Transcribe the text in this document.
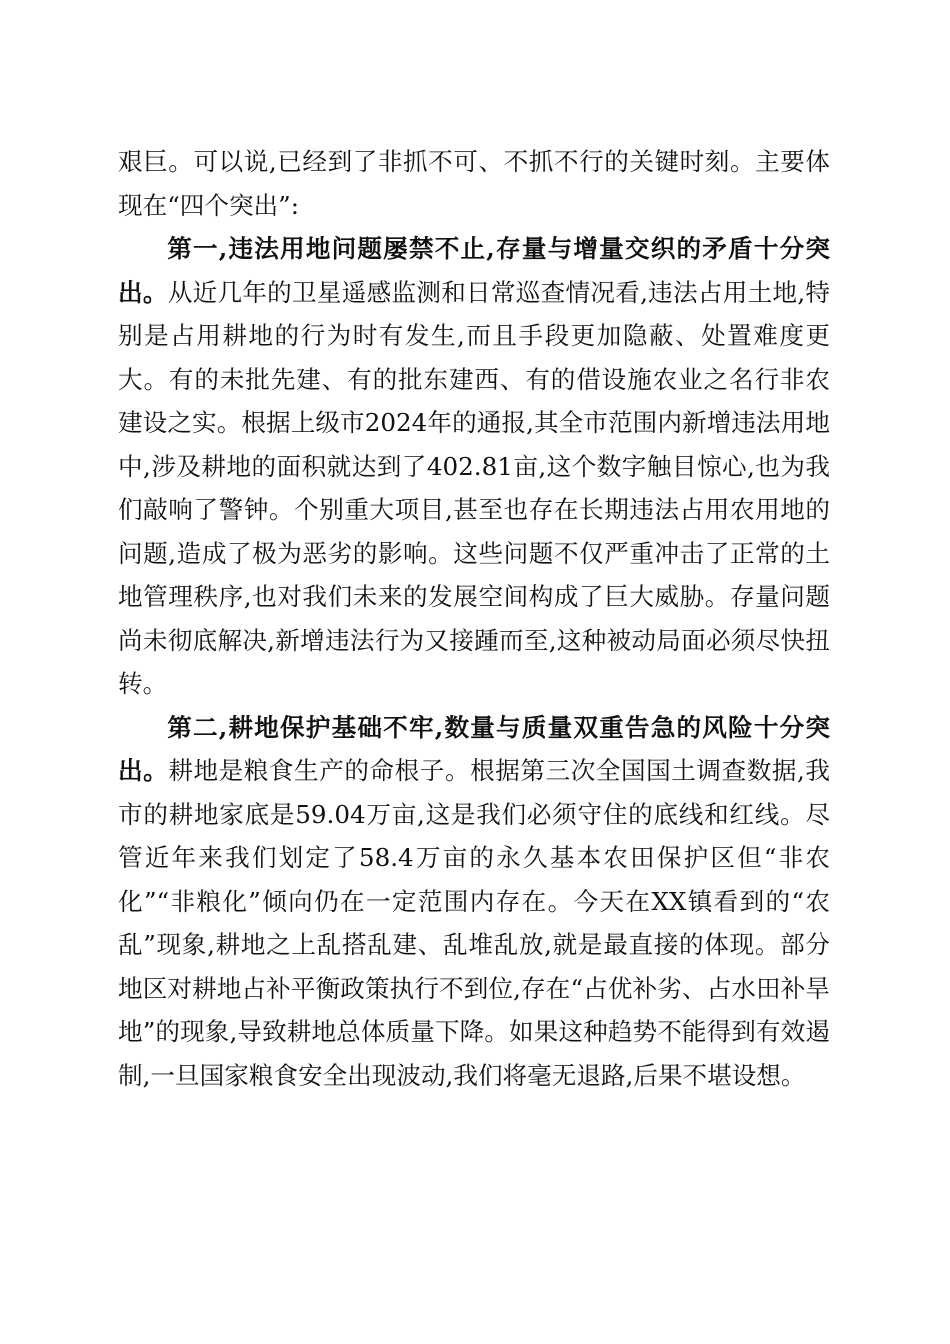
艰巨。可以说,已经到了非抓不可、不抓不行的关键时刻。主要体现在“四个突出”:

第一,违法用地问题屡禁不止,存量与增量交织的矛盾十分突出。从近几年的卫星遥感监测和日常巡查情况看,违法占用土地,特别是占用耕地的行为时有发生,而且手段更加隐蔽、处置难度更大。有的未批先建、有的批东建西、有的借设施农业之名行非农建设之实。根据上级市2024年的通报,其全市范围内新增违法用地中,涉及耕地的面积就达到了402.81亩,这个数字触目惊心,也为我们敲响了警钟。个别重大项目,甚至也存在长期违法占用农用地的问题,造成了极为恶劣的影响。这些问题不仅严重冲击了正常的土地管理秩序,也对我们未来的发展空间构成了巨大威胁。存量问题尚未彻底解决,新增违法行为又接踵而至,这种被动局面必须尽快扭转。

第二,耕地保护基础不牢,数量与质量双重告急的风险十分突出。耕地是粮食生产的命根子。根据第三次全国国土调查数据,我市的耕地家底是59.04万亩,这是我们必须守住的底线和红线。尽管近年来我们划定了58.4万亩的永久基本农田保护区但“非农化”“非粮化”倾向仍在一定范围内存在。今天在XX镇看到的“农乱”现象,耕地之上乱搭乱建、乱堆乱放,就是最直接的体现。部分地区对耕地占补平衡政策执行不到位,存在“占优补劣、占水田补旱地”的现象,导致耕地总体质量下降。如果这种趋势不能得到有效遏制,一旦国家粮食安全出现波动,我们将毫无退路,后果不堪设想。
